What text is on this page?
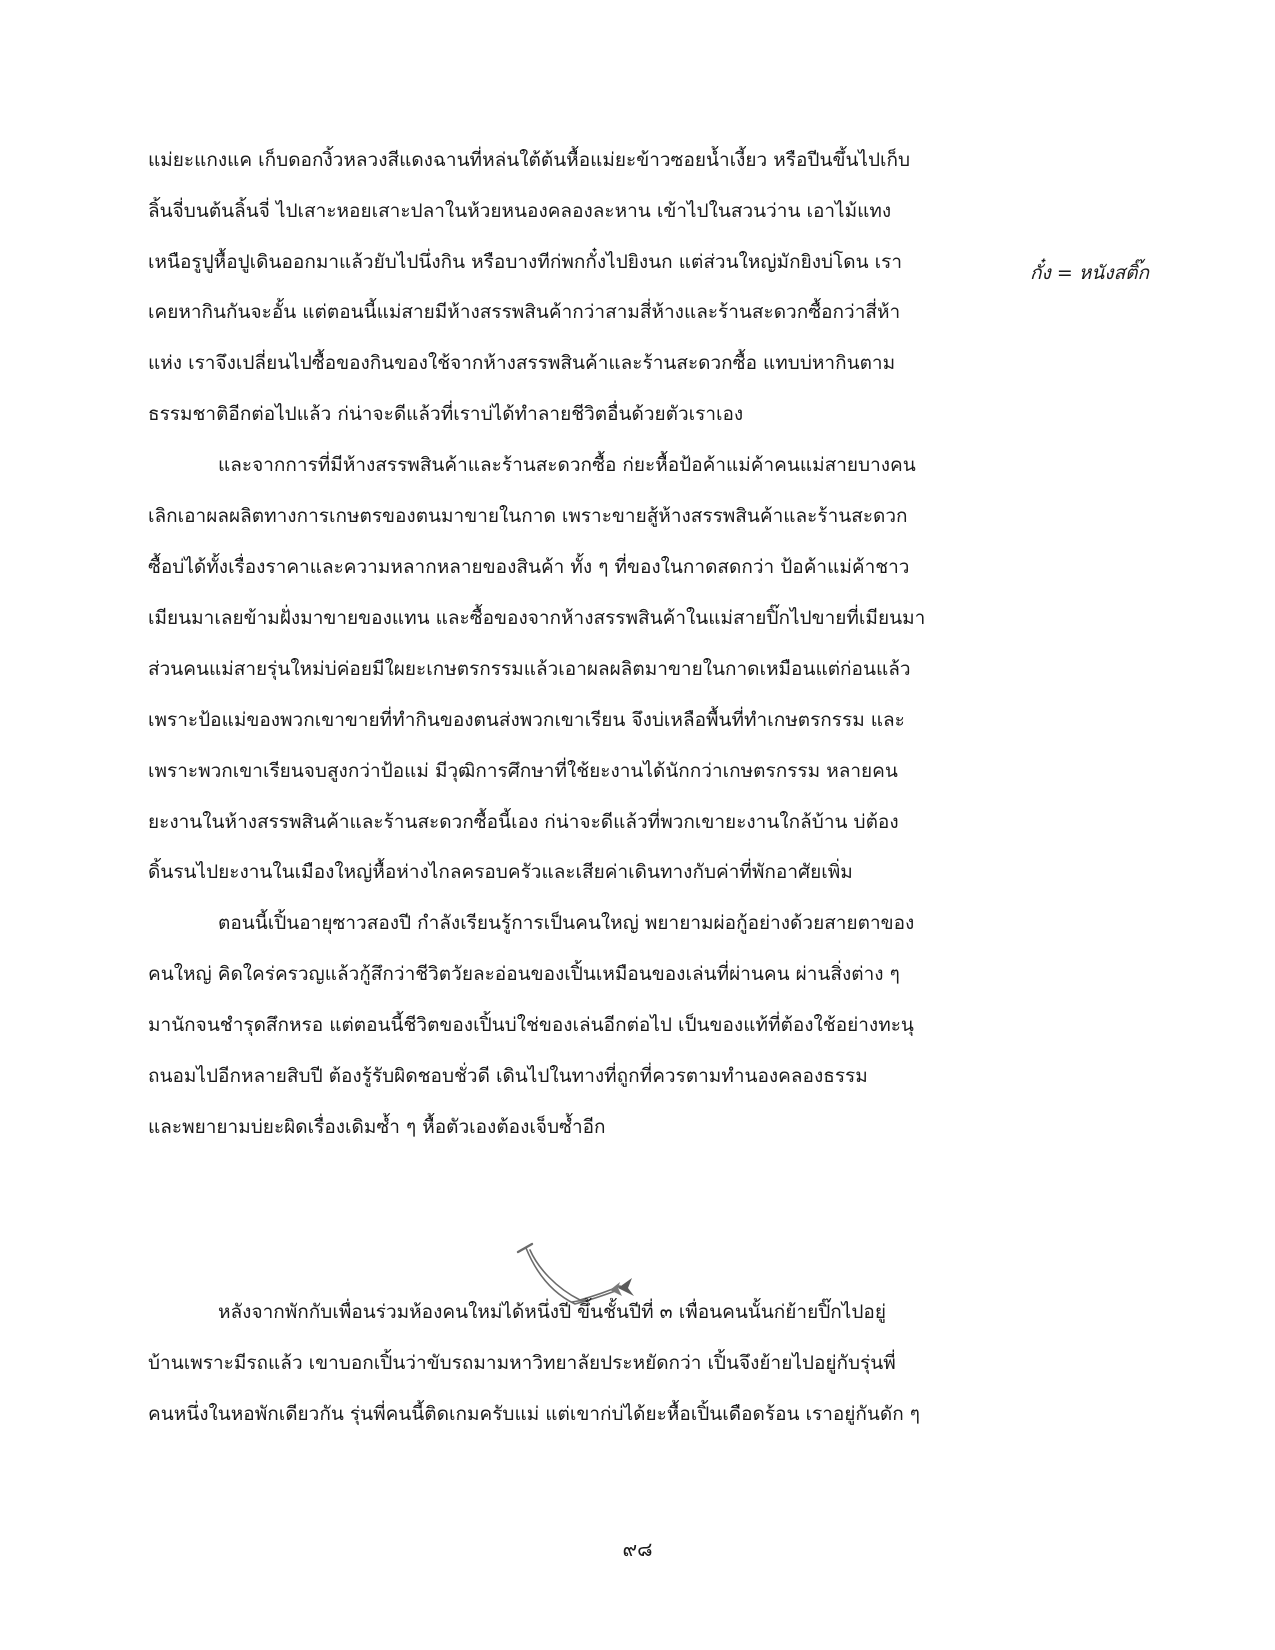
แม่ยะแกงแค เก็บดอกงิ้วหลวงสีแดงฉานที่หล่นใต้ต้นหื้อแม่ยะข้าวซอยน้ำเงี้ยว หรือปีนขึ้นไปเก็บ
ลิ้นจี่บนต้นลิ้นจี่ ไปเสาะหอยเสาะปลาในห้วยหนองคลองละหาน เข้าไปในสวนว่าน เอาไม้แทง
เหนือรูปูหื้อปูเดินออกมาแล้วยับไปนึ่งกิน หรือบางทีก่พกกั๋งไปยิงนก แต่ส่วนใหญ่มักยิงบ่โดน เรา
เคยหากินกันจะอั้น แต่ตอนนี้แม่สายมีห้างสรรพสินค้ากว่าสามสี่ห้างและร้านสะดวกซื้อกว่าสี่ห้า
แห่ง เราจึงเปลี่ยนไปซื้อของกินของใช้จากห้างสรรพสินค้าและร้านสะดวกซื้อ แทบบ่หากินตาม
ธรรมชาติอีกต่อไปแล้ว ก่น่าจะดีแล้วที่เราบ่ได้ทำลายชีวิตอื่นด้วยตัวเราเอง
และจากการที่มีห้างสรรพสินค้าและร้านสะดวกซื้อ ก่ยะหื้อป้อค้าแม่ค้าคนแม่สายบางคน
เลิกเอาผลผลิตทางการเกษตรของตนมาขายในกาด เพราะขายสู้ห้างสรรพสินค้าและร้านสะดวก
ซื้อบ่ได้ทั้งเรื่องราคาและความหลากหลายของสินค้า ทั้ง ๆ ที่ของในกาดสดกว่า ป้อค้าแม่ค้าชาว
เมียนมาเลยข้ามฝั่งมาขายของแทน และซื้อของจากห้างสรรพสินค้าในแม่สายปิ๊กไปขายที่เมียนมา
ส่วนคนแม่สายรุ่นใหม่บ่ค่อยมีใผยะเกษตรกรรมแล้วเอาผลผลิตมาขายในกาดเหมือนแต่ก่อนแล้ว
เพราะป้อแม่ของพวกเขาขายที่ทำกินของตนส่งพวกเขาเรียน จึงบ่เหลือพื้นที่ทำเกษตรกรรม และ
เพราะพวกเขาเรียนจบสูงกว่าป้อแม่ มีวุฒิการศึกษาที่ใช้ยะงานได้นักกว่าเกษตรกรรม หลายคน
ยะงานในห้างสรรพสินค้าและร้านสะดวกซื้อนี้เอง ก่น่าจะดีแล้วที่พวกเขายะงานใกล้บ้าน บ่ต้อง
ดิ้นรนไปยะงานในเมืองใหญ่หื้อห่างไกลครอบครัวและเสียค่าเดินทางกับค่าที่พักอาศัยเพิ่ม
ตอนนี้เปิ้นอายุซาวสองปี กำลังเรียนรู้การเป็นคนใหญ่ พยายามผ่อกู้อย่างด้วยสายตาของ
คนใหญ่ คิดใคร่ครวญแล้วกู้สึกว่าชีวิตวัยละอ่อนของเปิ้นเหมือนของเล่นที่ผ่านคน ผ่านสิ่งต่าง ๆ
มานักจนชำรุดสึกหรอ แต่ตอนนี้ชีวิตของเปิ้นบ่ใช่ของเล่นอีกต่อไป เป็นของแท้ที่ต้องใช้อย่างทะนุ
ถนอมไปอีกหลายสิบปี ต้องรู้รับผิดชอบชั่วดี เดินไปในทางที่ถูกที่ควรตามทำนองคลองธรรม
และพยายามบ่ยะผิดเรื่องเดิมซ้ำ ๆ หื้อตัวเองต้องเจ็บซ้ำอีก
กั๋ง = หนังสติ๊ก
หลังจากพักกับเพื่อนร่วมห้องคนใหม่ได้หนึ่งปี ขึ้นชั้นปีที่ ๓ เพื่อนคนนั้นก่ย้ายปิ๊กไปอยู่
บ้านเพราะมีรถแล้ว เขาบอกเปิ้นว่าขับรถมามหาวิทยาลัยประหยัดกว่า เปิ้นจึงย้ายไปอยู่กับรุ่นพี่
คนหนึ่งในหอพักเดียวกัน รุ่นพี่คนนี้ติดเกมครับแม่ แต่เขาก่บ่ได้ยะหื้อเปิ้นเดือดร้อน เราอยู่กันดัก ๆ
๙๘
